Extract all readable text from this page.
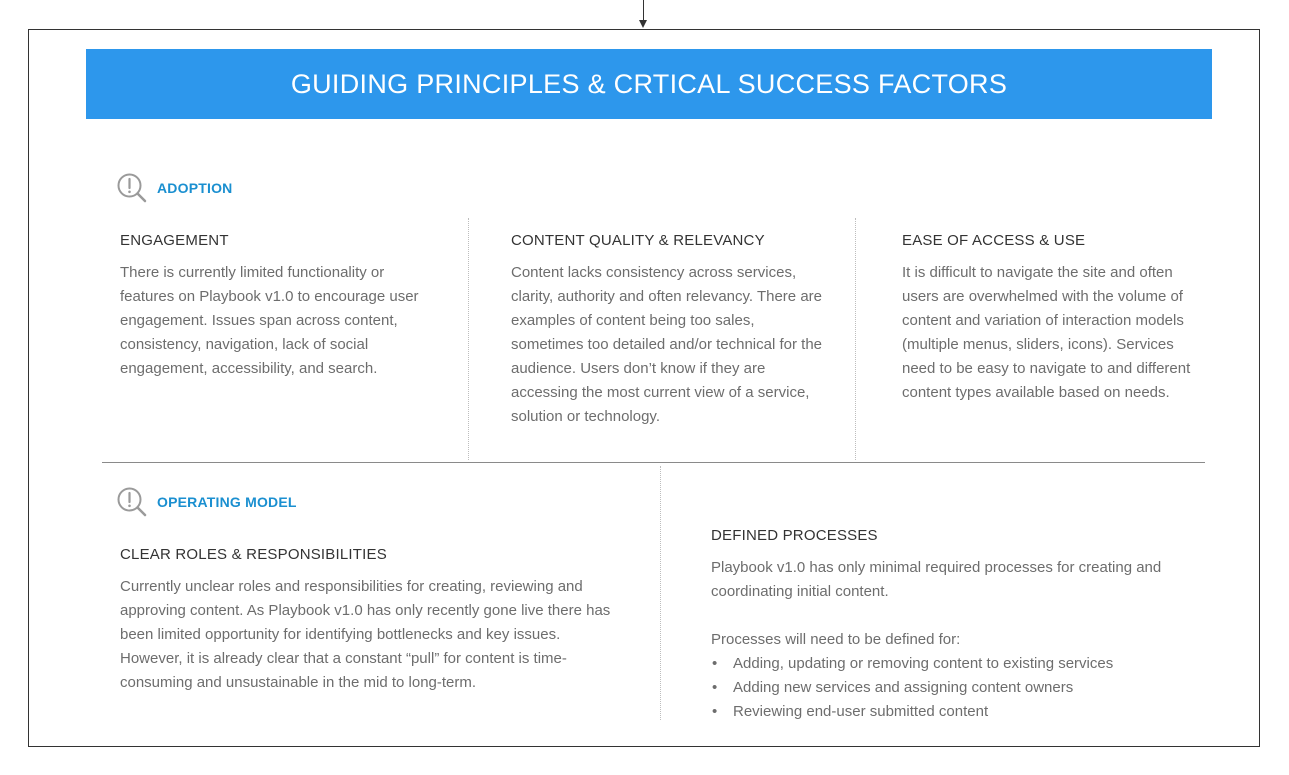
GUIDING PRINCIPLES & CRTICAL SUCCESS FACTORS
ADOPTION
ENGAGEMENT

There is currently limited functionality or features on Playbook v1.0 to encourage user engagement. Issues span across content, consistency, navigation, lack of social engagement, accessibility, and search.

CONTENT QUALITY & RELEVANCY

Content lacks consistency across services, clarity, authority and often relevancy. There are examples of content being too sales, sometimes too detailed and/or technical for the audience. Users don’t know if they are accessing the most current view of a service, solution or technology.

EASE OF ACCESS & USE

It is difficult to navigate the site and often users are overwhelmed with the volume of content and variation of interaction models (multiple menus, sliders, icons). Services need to be easy to navigate to and different content types available based on needs.

OPERATING MODEL
CLEAR ROLES & RESPONSIBILITIES

Currently unclear roles and responsibilities for creating, reviewing and approving content. As Playbook v1.0 has only recently gone live there has been limited opportunity for identifying bottlenecks and key issues. However, it is already clear that a constant “pull” for content is time-consuming and unsustainable in the mid to long-term.

DEFINED PROCESSES

Playbook v1.0 has only minimal required processes for creating and coordinating initial content.

Processes will need to be defined for:

• Adding, updating or removing content to existing services
• Adding new services and assigning content owners
• Reviewing end-user submitted content
